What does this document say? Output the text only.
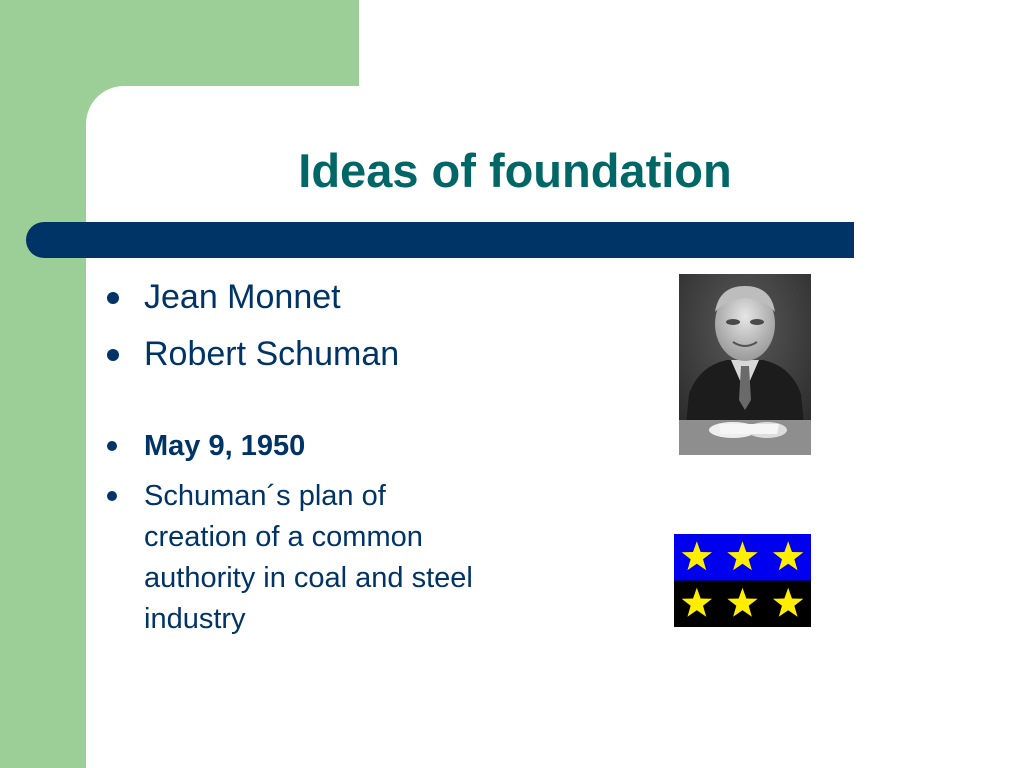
Ideas of foundation
Jean Monnet
Robert Schuman
May 9, 1950
Schuman´s plan of creation of a common authority in coal and steel industry
